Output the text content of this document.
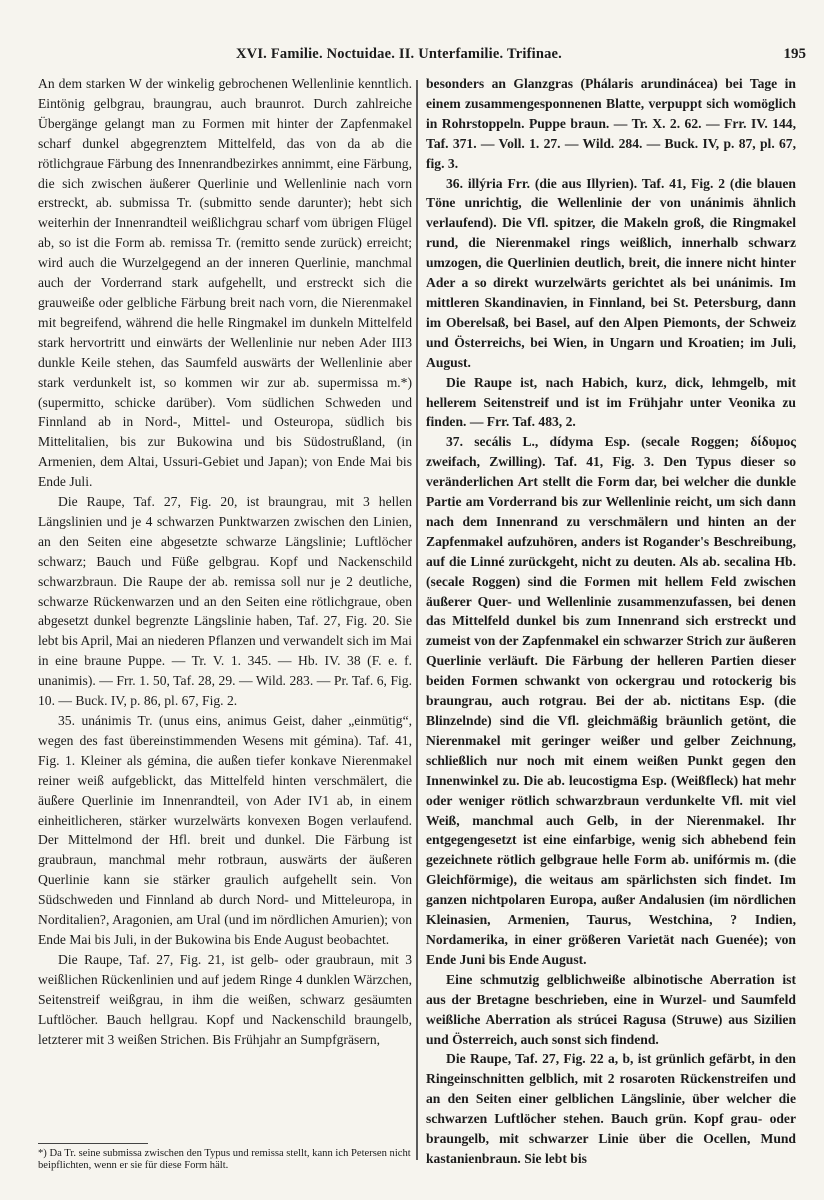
XVI. Familie. Noctuidae. II. Unterfamilie. Trifinae.	195

An dem starken W der winkelig gebrochenen Wellenlinie kenntlich. Eintönig gelbgrau, braungrau, auch braunrot. Durch zahlreiche Übergänge gelangt man zu Formen mit hinter der Zapfenmakel scharf dunkel abgegrenztem Mittelfeld, das von da ab die rötlichgraue Färbung des Innenrandbezirkes annimmt, eine Färbung, die sich zwischen äußerer Querlinie und Wellenlinie nach vorn erstreckt, ab. submissa Tr. (submitto sende darunter); hebt sich weiterhin der Innenrandteil weißlichgrau scharf vom übrigen Flügel ab, so ist die Form ab. remissa Tr. (remitto sende zurück) erreicht; wird auch die Wurzelgegend an der inneren Querlinie, manchmal auch der Vorderrand stark aufgehellt, und erstreckt sich die grauweiße oder gelbliche Färbung breit nach vorn, die Nierenmakel mit begreifend, während die helle Ringmakel im dunkeln Mittelfeld stark hervortritt und einwärts der Wellenlinie nur neben Ader III3 dunkle Keile stehen, das Saumfeld auswärts der Wellenlinie aber stark verdunkelt ist, so kommen wir zur ab. supermissa m.*) (supermitto, schicke darüber). Vom südlichen Schweden und Finnland ab in Nord-, Mittel- und Osteuropa, südlich bis Mittelitalien, bis zur Bukowina und bis Südostrußland, (in Armenien, dem Altai, Ussuri-Gebiet und Japan); von Ende Mai bis Ende Juli.

Die Raupe, Taf. 27, Fig. 20, ist braungrau, mit 3 hellen Längslinien und je 4 schwarzen Punktwarzen zwischen den Linien, an den Seiten eine abgesetzte schwarze Längslinie; Luftlöcher schwarz; Bauch und Füße gelbgrau. Kopf und Nackenschild schwarzbraun. Die Raupe der ab. remissa soll nur je 2 deutliche, schwarze Rückenwarzen und an den Seiten eine rötlichgraue, oben abgesetzt dunkel begrenzte Längslinie haben, Taf. 27, Fig. 20. Sie lebt bis April, Mai an niederen Pflanzen und verwandelt sich im Mai in eine braune Puppe. — Tr. V. 1. 345. — Hb. IV. 38 (F. e. f. unanimis). — Frr. 1. 50, Taf. 28, 29. — Wild. 283. — Pr. Taf. 6, Fig. 10. — Buck. IV, p. 86, pl. 67, Fig. 2.

35. unánimis Tr. (unus eins, animus Geist, daher „einmütig“, wegen des fast übereinstimmenden Wesens mit gémina). Taf. 41, Fig. 1. Kleiner als gémina, die außen tiefer konkave Nierenmakel reiner weiß aufgeblickt, das Mittelfeld hinten verschmälert, die äußere Querlinie im Innenrandteil, von Ader IV1 ab, in einem einheitlicheren, stärker wurzelwärts konvexen Bogen verlaufend. Der Mittelmond der Hfl. breit und dunkel. Die Färbung ist graubraun, manchmal mehr rotbraun, auswärts der äußeren Querlinie kann sie stärker graulich aufgehellt sein. Von Südschweden und Finnland ab durch Nord- und Mitteleuropa, in Norditalien?, Aragonien, am Ural (und im nördlichen Amurien); von Ende Mai bis Juli, in der Bukowina bis Ende August beobachtet.

Die Raupe, Taf. 27, Fig. 21, ist gelb- oder graubraun, mit 3 weißlichen Rückenlinien und auf jedem Ringe 4 dunklen Wärzchen, Seitenstreif weißgrau, in ihm die weißen, schwarz gesäumten Luftlöcher. Bauch hellgrau. Kopf und Nackenschild braungelb, letzterer mit 3 weißen Strichen. Bis Frühjahr an Sumpfgräsern,

*) Da Tr. seine submissa zwischen den Typus und remissa stellt, kann ich Petersen nicht beipflichten, wenn er sie für diese Form hält.

besonders an Glanzgras (Phálaris arundinácea) bei Tage in einem zusammengesponnenen Blatte, verpuppt sich womöglich in Rohrstoppeln. Puppe braun. — Tr. X. 2. 62. — Frr. IV. 144, Taf. 371. — Voll. 1. 27. — Wild. 284. — Buck. IV, p. 87, pl. 67, fig. 3.

36. illýria Frr. (die aus Illyrien). Taf. 41, Fig. 2 (die blauen Töne unrichtig, die Wellenlinie der von unánimis ähnlich verlaufend). Die Vfl. spitzer, die Makeln groß, die Ringmakel rund, die Nierenmakel rings weißlich, innerhalb schwarz umzogen, die Querlinien deutlich, breit, die innere nicht hinter Ader a so direkt wurzelwärts gerichtet als bei unánimis. Im mittleren Skandinavien, in Finnland, bei St. Petersburg, dann im Oberelsaß, bei Basel, auf den Alpen Piemonts, der Schweiz und Österreichs, bei Wien, in Ungarn und Kroatien; im Juli, August.

Die Raupe ist, nach Habich, kurz, dick, lehmgelb, mit hellerem Seitenstreif und ist im Frühjahr unter Veonika zu finden. — Frr. Taf. 483, 2.

37. secális L., dídyma Esp. (secale Roggen; δίδυμος zweifach, Zwilling). Taf. 41, Fig. 3. Den Typus dieser so veränderlichen Art stellt die Form dar, bei welcher die dunkle Partie am Vorderrand bis zur Wellenlinie reicht, um sich dann nach dem Innenrand zu verschmälern und hinten an der Zapfenmakel aufzuhören, anders ist Rogander's Beschreibung, auf die Linné zurückgeht, nicht zu deuten. Als ab. secalina Hb. (secale Roggen) sind die Formen mit hellem Feld zwischen äußerer Quer- und Wellenlinie zusammenzufassen, bei denen das Mittelfeld dunkel bis zum Innenrand sich erstreckt und zumeist von der Zapfenmakel ein schwarzer Strich zur äußeren Querlinie verläuft. Die Färbung der helleren Partien dieser beiden Formen schwankt von ockergrau und rotockerig bis braungrau, auch rotgrau. Bei der ab. nictitans Esp. (die Blinzelnde) sind die Vfl. gleichmäßig bräunlich getönt, die Nierenmakel mit geringer weißer und gelber Zeichnung, schließlich nur noch mit einem weißen Punkt gegen den Innenwinkel zu. Die ab. leucostigma Esp. (Weißfleck) hat mehr oder weniger rötlich schwarzbraun verdunkelte Vfl. mit viel Weiß, manchmal auch Gelb, in der Nierenmakel. Ihr entgegengesetzt ist eine einfarbige, wenig sich abhebend fein gezeichnete rötlich gelbgraue helle Form ab. unifórmis m. (die Gleichförmige), die weitaus am spärlichsten sich findet. Im ganzen nichtpolaren Europa, außer Andalusien (im nördlichen Kleinasien, Armenien, Taurus, Westchina, ? Indien, Nordamerika, in einer größeren Varietät nach Guenée); von Ende Juni bis Ende August.

Eine schmutzig gelblichweiße albinotische Aberration ist aus der Bretagne beschrieben, eine in Wurzel- und Saumfeld weißliche Aberration als strúcei Ragusa (Struwe) aus Sizilien und Österreich, auch sonst sich findend.

Die Raupe, Taf. 27, Fig. 22 a, b, ist grünlich gefärbt, in den Ringeinschnitten gelblich, mit 2 rosaroten Rückenstreifen und an den Seiten einer gelblichen Längslinie, über welcher die schwarzen Luftlöcher stehen. Bauch grün. Kopf grau- oder braungelb, mit schwarzer Linie über die Ocellen, Mund kastanienbraun. Sie lebt bis
